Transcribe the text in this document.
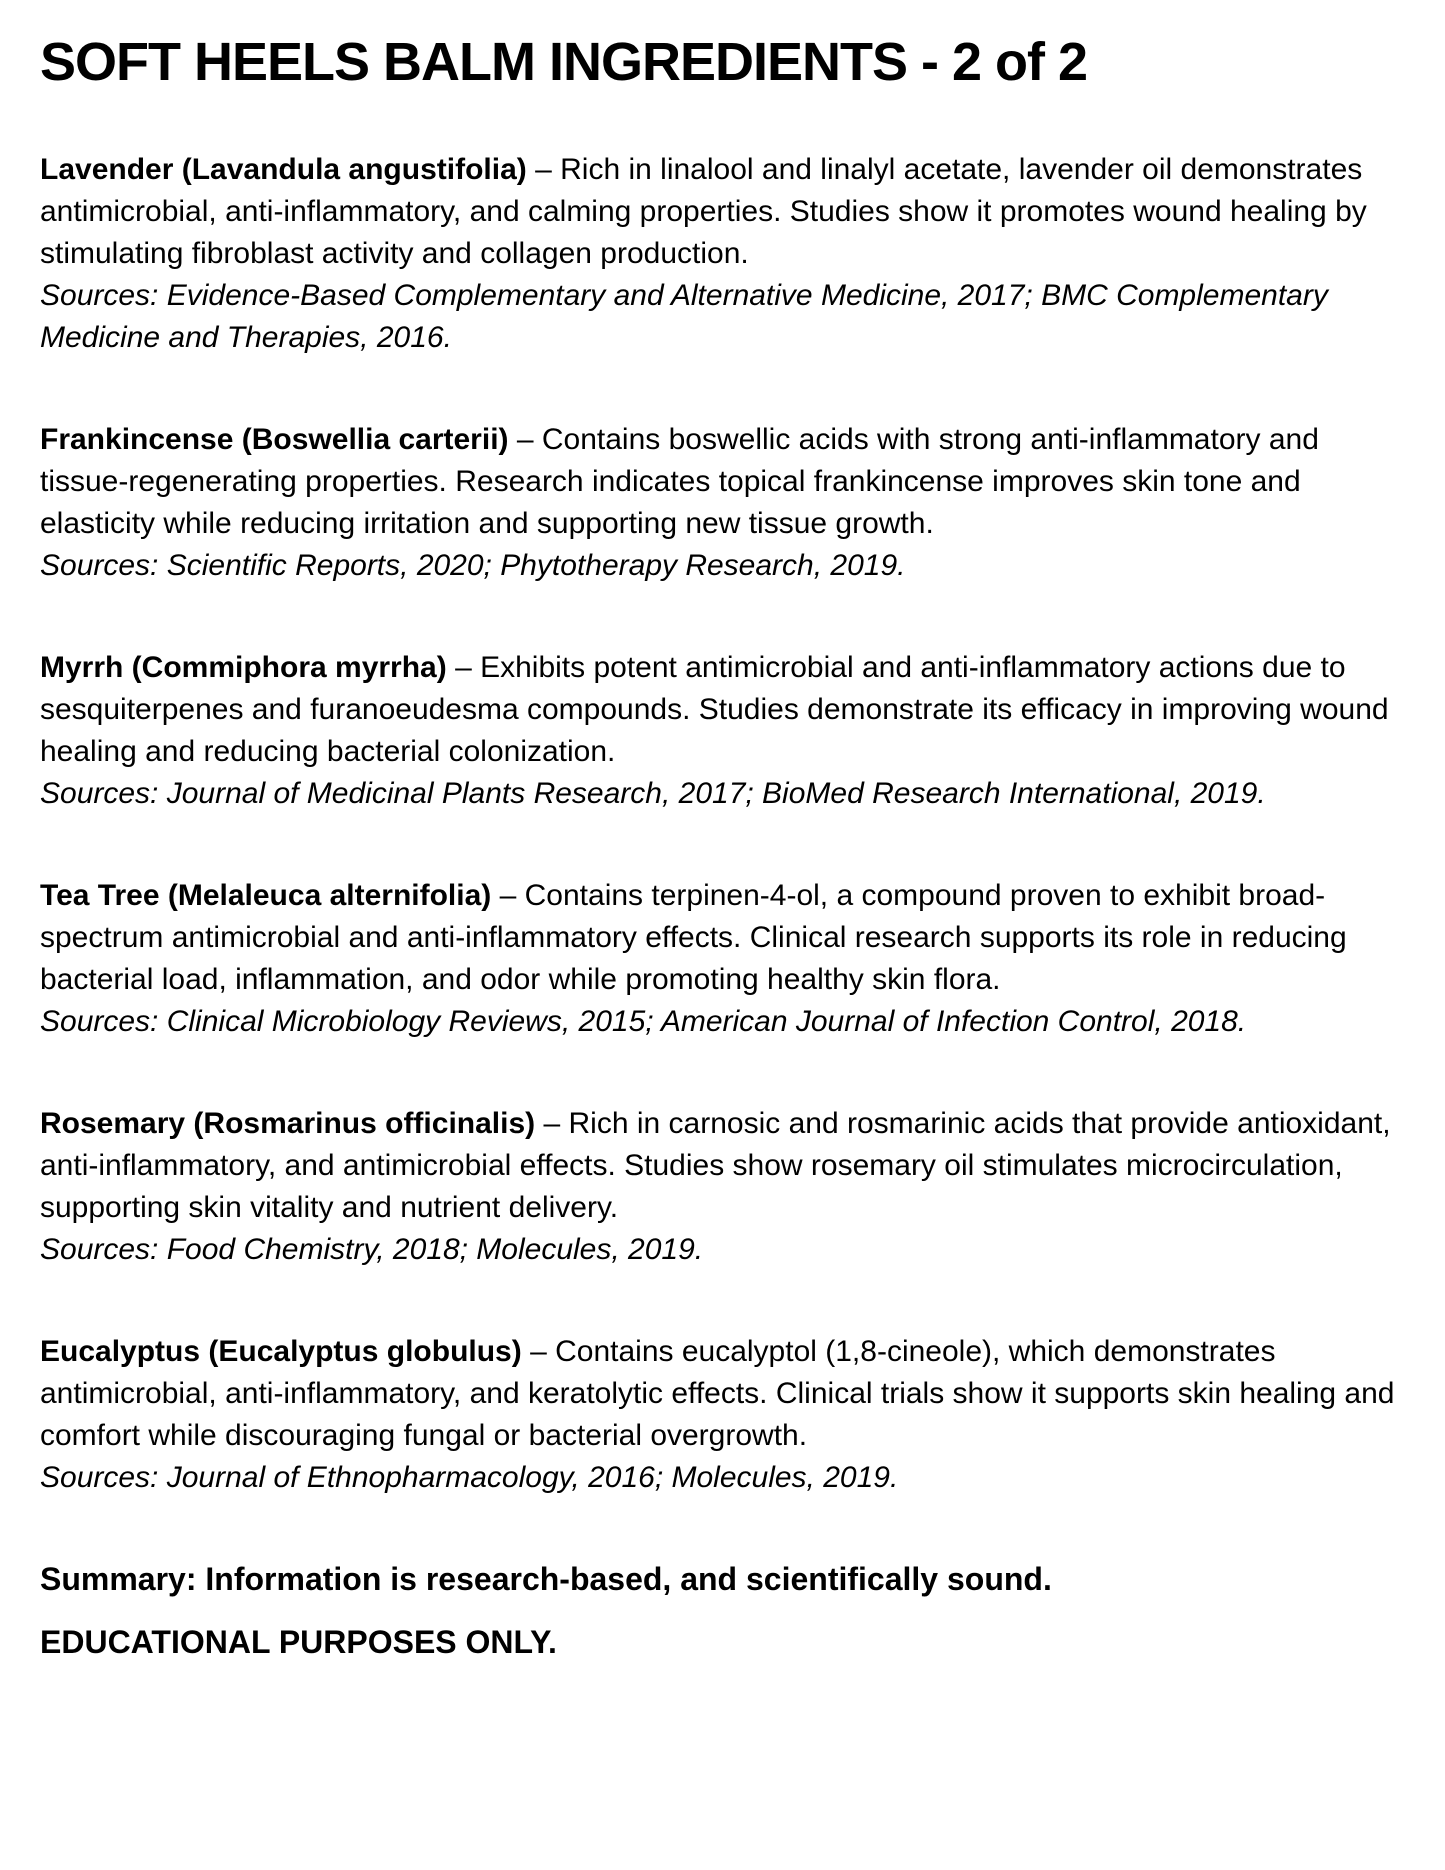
SOFT HEELS BALM INGREDIENTS - 2 of 2

Lavender (Lavandula angustifolia) – Rich in linalool and linalyl acetate, lavender oil demonstrates antimicrobial, anti-inflammatory, and calming properties. Studies show it promotes wound healing by stimulating fibroblast activity and collagen production.
Sources: Evidence-Based Complementary and Alternative Medicine, 2017; BMC Complementary Medicine and Therapies, 2016.

Frankincense (Boswellia carterii) – Contains boswellic acids with strong anti-inflammatory and tissue-regenerating properties. Research indicates topical frankincense improves skin tone and elasticity while reducing irritation and supporting new tissue growth.
Sources: Scientific Reports, 2020; Phytotherapy Research, 2019.

Myrrh (Commiphora myrrha) – Exhibits potent antimicrobial and anti-inflammatory actions due to sesquiterpenes and furanoeudesma compounds. Studies demonstrate its efficacy in improving wound healing and reducing bacterial colonization.
Sources: Journal of Medicinal Plants Research, 2017; BioMed Research International, 2019.

Tea Tree (Melaleuca alternifolia) – Contains terpinen-4-ol, a compound proven to exhibit broad-spectrum antimicrobial and anti-inflammatory effects. Clinical research supports its role in reducing bacterial load, inflammation, and odor while promoting healthy skin flora.
Sources: Clinical Microbiology Reviews, 2015; American Journal of Infection Control, 2018.

Rosemary (Rosmarinus officinalis) – Rich in carnosic and rosmarinic acids that provide antioxidant, anti-inflammatory, and antimicrobial effects. Studies show rosemary oil stimulates microcirculation, supporting skin vitality and nutrient delivery.
Sources: Food Chemistry, 2018; Molecules, 2019.

Eucalyptus (Eucalyptus globulus) – Contains eucalyptol (1,8-cineole), which demonstrates antimicrobial, anti-inflammatory, and keratolytic effects. Clinical trials show it supports skin healing and comfort while discouraging fungal or bacterial overgrowth.
Sources: Journal of Ethnopharmacology, 2016; Molecules, 2019.

Summary: Information is research-based, and scientifically sound.

EDUCATIONAL PURPOSES ONLY.
